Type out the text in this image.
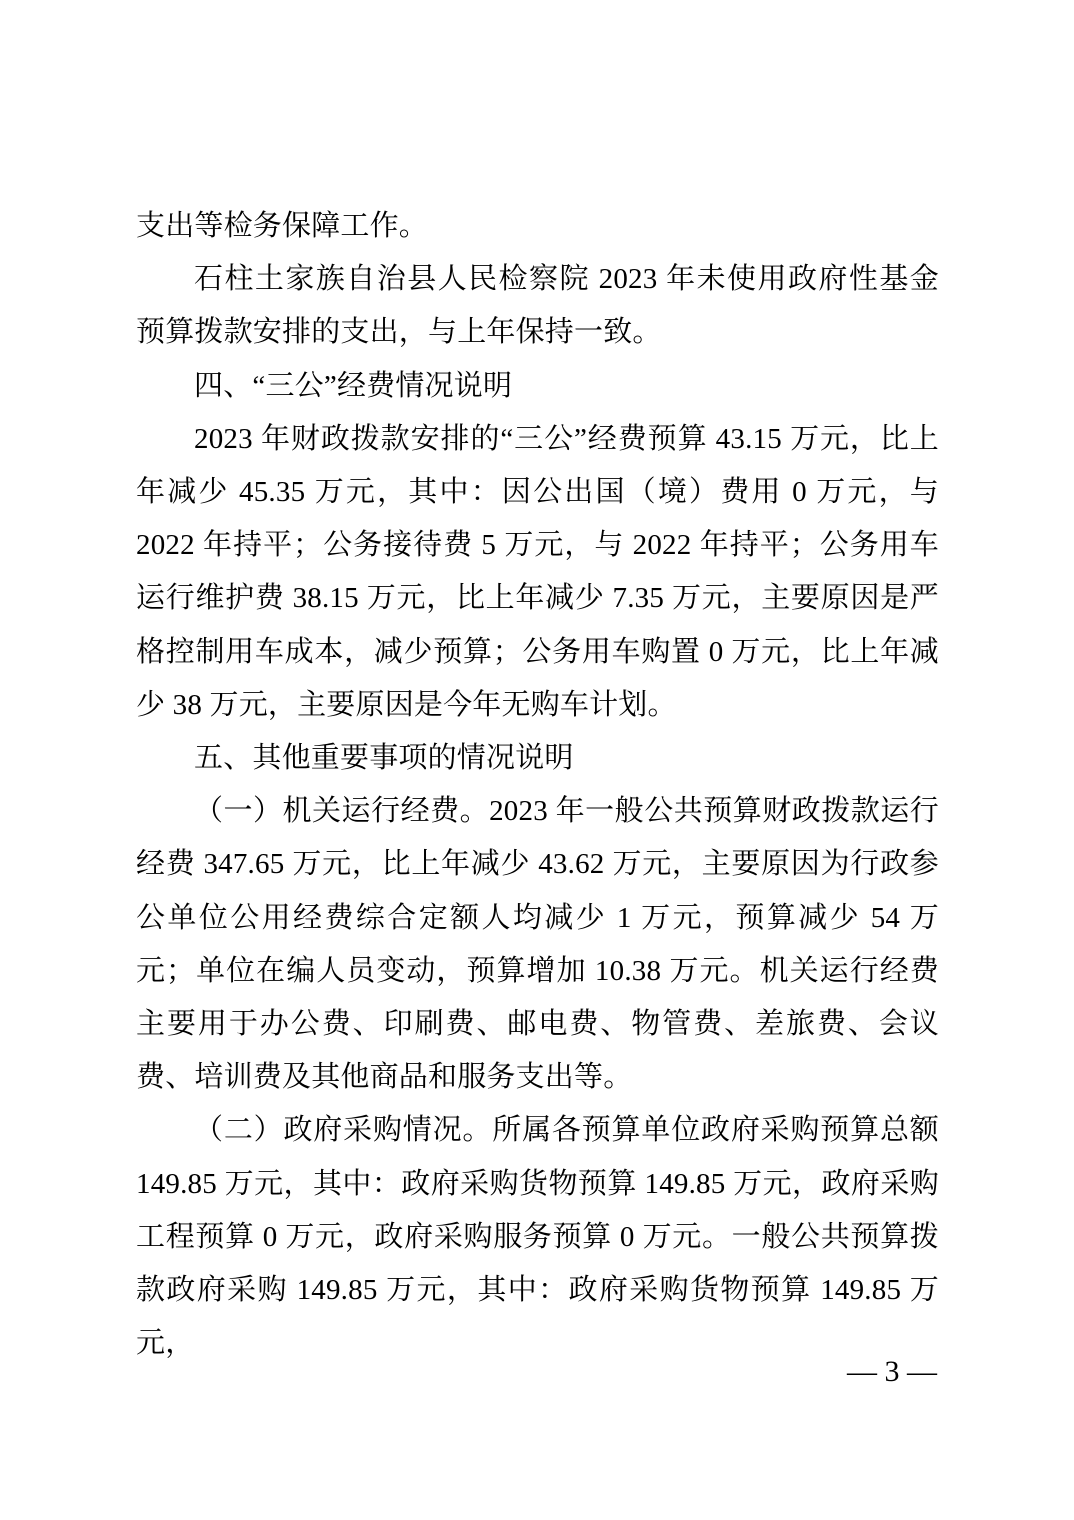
支出等检务保障工作。

石柱土家族自治县人民检察院 2023 年未使用政府性基金预算拨款安排的支出，与上年保持一致。

四、“三公”经费情况说明

2023 年财政拨款安排的“三公”经费预算 43.15 万元，比上年减少 45.35 万元，其中：因公出国（境）费用 0 万元，与 2022 年持平；公务接待费 5 万元，与 2022 年持平；公务用车运行维护费 38.15 万元，比上年减少 7.35 万元，主要原因是严格控制用车成本，减少预算；公务用车购置 0 万元，比上年减少 38 万元，主要原因是今年无购车计划。

五、其他重要事项的情况说明

（一）机关运行经费。2023 年一般公共预算财政拨款运行经费 347.65 万元，比上年减少 43.62 万元，主要原因为行政参公单位公用经费综合定额人均减少 1 万元，预算减少 54 万元；单位在编人员变动，预算增加 10.38 万元。机关运行经费主要用于办公费、印刷费、邮电费、物管费、差旅费、会议费、培训费及其他商品和服务支出等。

（二）政府采购情况。所属各预算单位政府采购预算总额 149.85 万元，其中：政府采购货物预算 149.85 万元，政府采购工程预算 0 万元，政府采购服务预算 0 万元。一般公共预算拨款政府采购 149.85 万元，其中：政府采购货物预算 149.85 万元，

— 3 —
